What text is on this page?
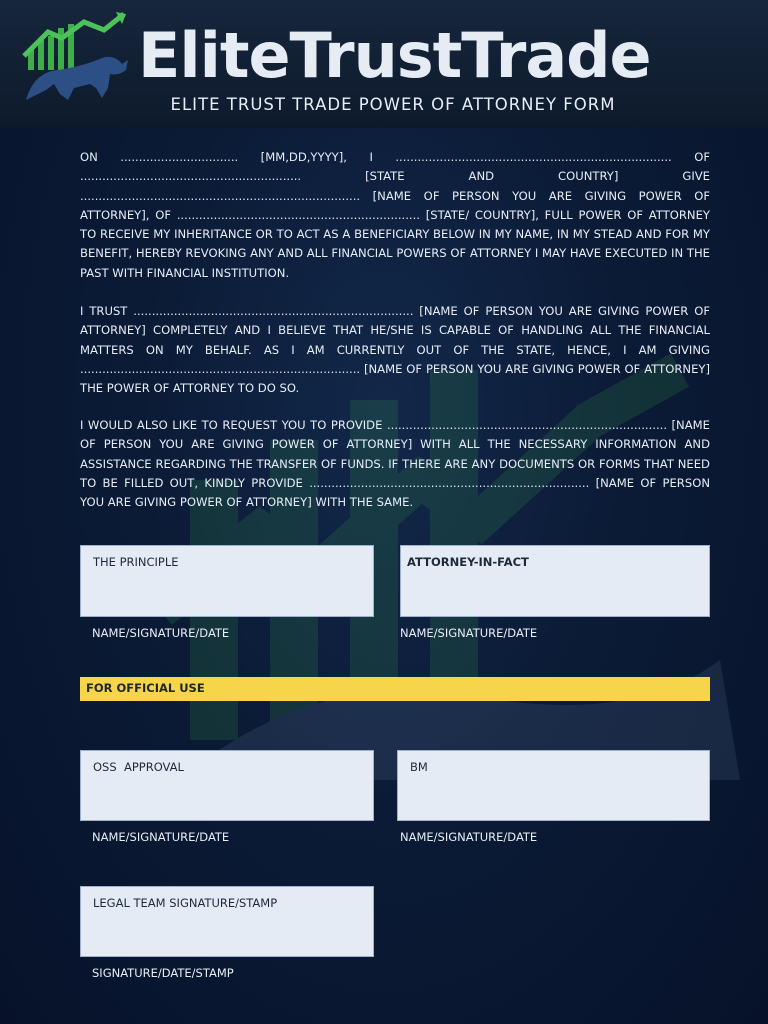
EliteTrustTrade
ELITE TRUST TRADE POWER OF ATTORNEY FORM
ON ................................ [MM,DD,YYYY], I ........................................................................... OF ............................................................ [STATE AND COUNTRY] GIVE ............................................................................ [NAME OF PERSON YOU ARE GIVING POWER OF ATTORNEY], OF .................................................................. [STATE/ COUNTRY], FULL POWER OF ATTORNEY TO RECEIVE MY INHERITANCE OR TO ACT AS A BENEFICIARY BELOW IN MY NAME, IN MY STEAD AND FOR MY BENEFIT, HEREBY REVOKING ANY AND ALL FINANCIAL POWERS OF ATTORNEY I MAY HAVE EXECUTED IN THE PAST WITH FINANCIAL INSTITUTION.
I TRUST ............................................................................ [NAME OF PERSON YOU ARE GIVING POWER OF ATTORNEY] COMPLETELY AND I BELIEVE THAT HE/SHE IS CAPABLE OF HANDLING ALL THE FINANCIAL MATTERS ON MY BEHALF. AS I AM CURRENTLY OUT OF THE STATE, HENCE, I AM GIVING ............................................................................ [NAME OF PERSON YOU ARE GIVING POWER OF ATTORNEY] THE POWER OF ATTORNEY TO DO SO.
I WOULD ALSO LIKE TO REQUEST YOU TO PROVIDE ............................................................................ [NAME OF PERSON YOU ARE GIVING POWER OF ATTORNEY] WITH ALL THE NECESSARY INFORMATION AND ASSISTANCE REGARDING THE TRANSFER OF FUNDS. IF THERE ARE ANY DOCUMENTS OR FORMS THAT NEED TO BE FILLED OUT, KINDLY PROVIDE ............................................................................ [NAME OF PERSON YOU ARE GIVING POWER OF ATTORNEY] WITH THE SAME.
THE PRINCIPLE
NAME/SIGNATURE/DATE
ATTORNEY-IN-FACT
NAME/SIGNATURE/DATE
FOR OFFICIAL USE
OSS  APPROVAL
NAME/SIGNATURE/DATE
BM
NAME/SIGNATURE/DATE
LEGAL TEAM SIGNATURE/STAMP
SIGNATURE/DATE/STAMP
